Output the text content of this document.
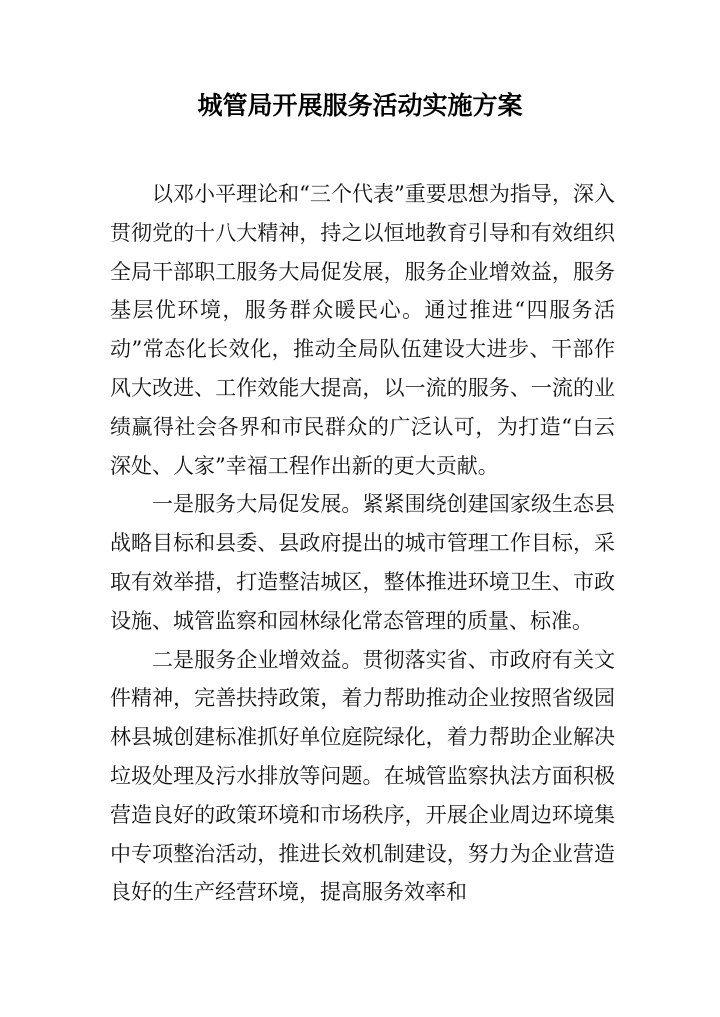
城管局开展服务活动实施方案

以邓小平理论和“三个代表”重要思想为指导，深入贯彻党的十八大精神，持之以恒地教育引导和有效组织全局干部职工服务大局促发展，服务企业增效益，服务基层优环境，服务群众暖民心。通过推进“四服务活动”常态化长效化，推动全局队伍建设大进步、干部作风大改进、工作效能大提高，以一流的服务、一流的业绩赢得社会各界和市民群众的广泛认可，为打造“白云深处、人家”幸福工程作出新的更大贡献。

一是服务大局促发展。紧紧围绕创建国家级生态县战略目标和县委、县政府提出的城市管理工作目标，采取有效举措，打造整洁城区，整体推进环境卫生、市政设施、城管监察和园林绿化常态管理的质量、标准。

二是服务企业增效益。贯彻落实省、市政府有关文件精神，完善扶持政策，着力帮助推动企业按照省级园林县城创建标准抓好单位庭院绿化，着力帮助企业解决垃圾处理及污水排放等问题。在城管监察执法方面积极营造良好的政策环境和市场秩序，开展企业周边环境集中专项整治活动，推进长效机制建设，努力为企业营造良好的生产经营环境，提高服务效率和
